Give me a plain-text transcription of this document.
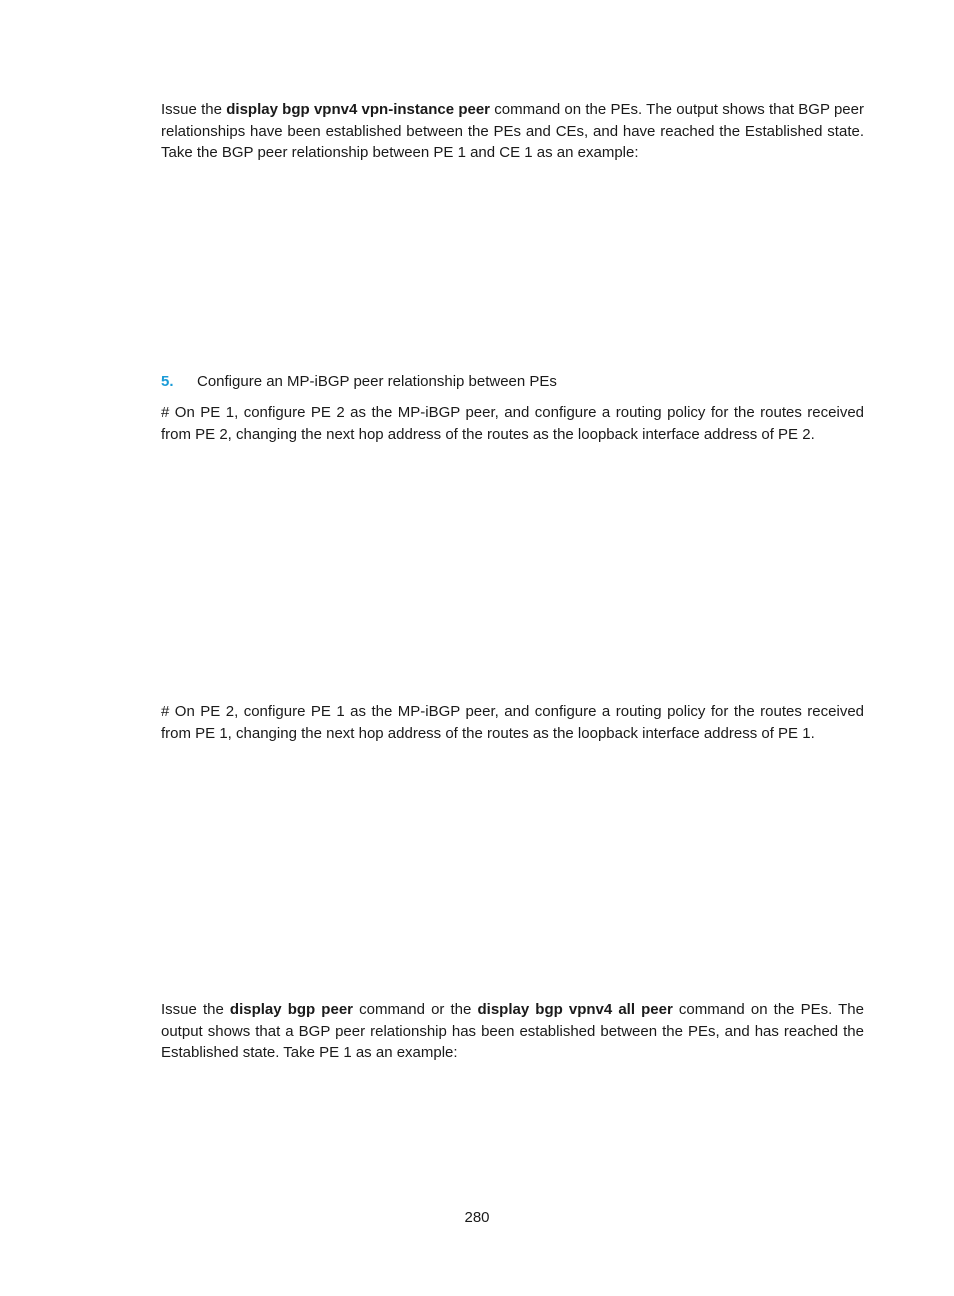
Issue the display bgp vpnv4 vpn-instance peer command on the PEs. The output shows that BGP peer relationships have been established between the PEs and CEs, and have reached the Established state. Take the BGP peer relationship between PE 1 and CE 1 as an example:

5. Configure an MP-iBGP peer relationship between PEs

# On PE 1, configure PE 2 as the MP-iBGP peer, and configure a routing policy for the routes received from PE 2, changing the next hop address of the routes as the loopback interface address of PE 2.

# On PE 2, configure PE 1 as the MP-iBGP peer, and configure a routing policy for the routes received from PE 1, changing the next hop address of the routes as the loopback interface address of PE 1.

Issue the display bgp peer command or the display bgp vpnv4 all peer command on the PEs. The output shows that a BGP peer relationship has been established between the PEs, and has reached the Established state. Take PE 1 as an example:

280
